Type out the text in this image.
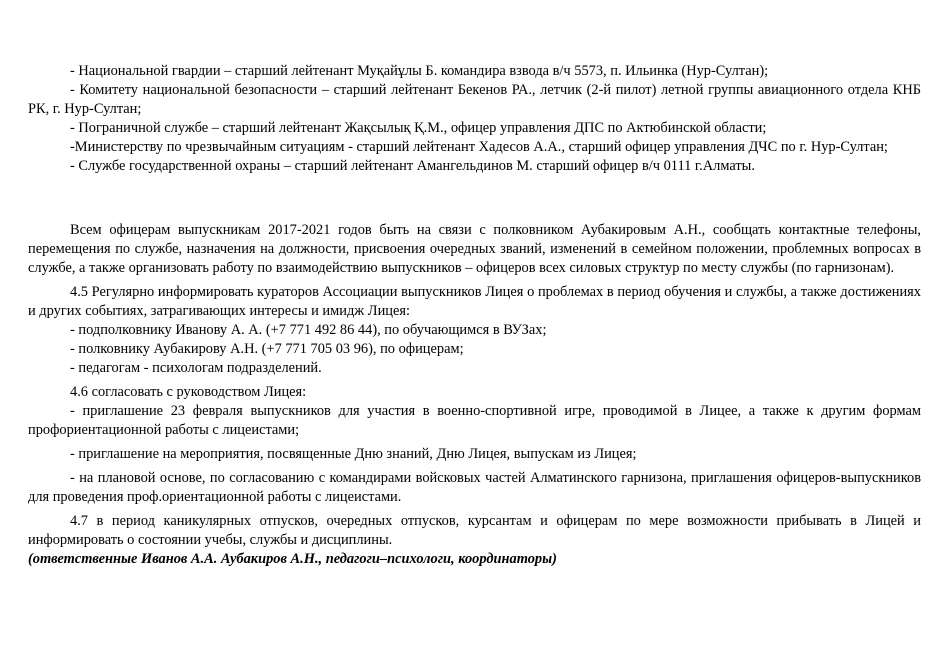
- Национальной гвардии – старший лейтенант Муқайұлы Б. командира взвода в/ч 5573, п. Ильинка (Нур-Султан);

- Комитету национальной безопасности – старший лейтенант Бекенов РА., летчик (2-й пилот) летной группы авиационного отдела КНБ РК, г. Нур-Султан;

- Пограничной службе – старший лейтенант Жақсылық Қ.М., офицер управления ДПС по Актюбинской области;

-Министерству по чрезвычайным ситуациям - старший лейтенант Хадесов А.А., старший офицер управления ДЧС по г. Нур-Султан;

- Службе государственной охраны – старший лейтенант Амангельдинов М. старший офицер в/ч 0111 г.Алматы.

Всем офицерам выпускникам 2017-2021 годов быть на связи с полковником Аубакировым А.Н., сообщать контактные телефоны, перемещения по службе, назначения на должности, присвоения очередных званий, изменений в семейном положении, проблемных вопросах в службе, а также организовать работу по взаимодействию выпускников – офицеров всех силовых структур по месту службы (по гарнизонам).

4.5 Регулярно информировать кураторов Ассоциации выпускников Лицея о проблемах в период обучения и службы, а также достижениях и других событиях, затрагивающих интересы и имидж Лицея:

- подполковнику Иванову А. А. (+7 771 492 86 44), по обучающимся в ВУЗах;

- полковнику Аубакирову А.Н. (+7 771 705 03 96), по офицерам;

- педагогам - психологам подразделений.

4.6 согласовать с руководством Лицея:

- приглашение 23 февраля выпускников для участия в военно-спортивной игре, проводимой в Лицее, а также к другим формам профориентационной работы с лицеистами;

- приглашение на мероприятия, посвященные Дню знаний, Дню Лицея, выпускам из Лицея;

- на плановой основе, по согласованию с командирами войсковых частей Алматинского гарнизона, приглашения офицеров-выпускников для проведения проф.ориентационной работы с лицеистами.

4.7 в период каникулярных отпусков, очередных отпусков, курсантам и офицерам по мере возможности прибывать в Лицей и информировать о состоянии учебы, службы и дисциплины.

(ответственные Иванов А.А. Аубакиров А.Н., педагоги–психологи, координаторы)
